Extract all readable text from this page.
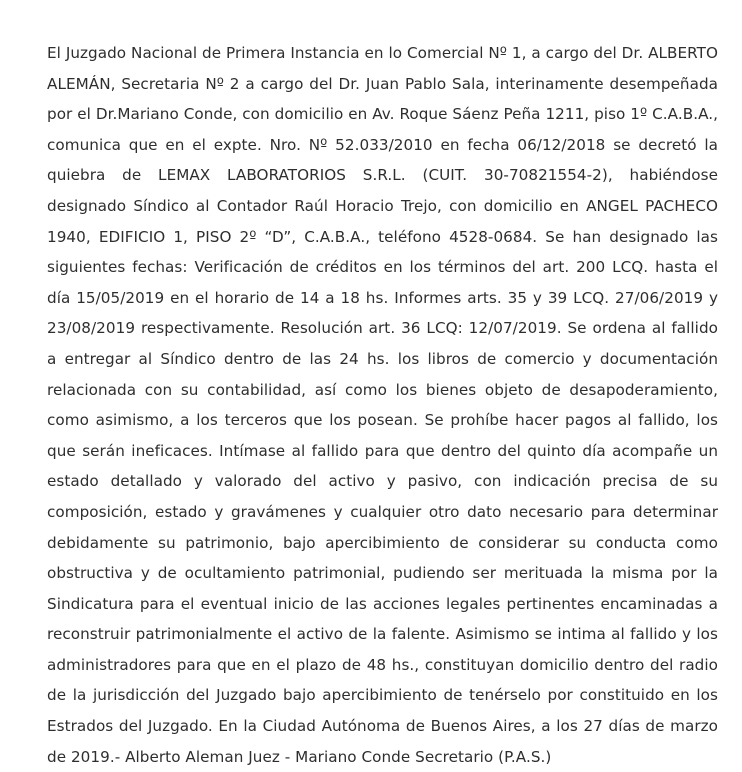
El Juzgado Nacional de Primera Instancia en lo Comercial Nº 1, a cargo del Dr. ALBERTO ALEMÁN, Secretaria Nº 2 a cargo del Dr. Juan Pablo Sala, interinamente desempeñada por el Dr.Mariano Conde, con domicilio en Av. Roque Sáenz Peña 1211, piso 1º C.A.B.A., comunica que en el expte. Nro. Nº 52.033/2010 en fecha 06/12/2018 se decretó la quiebra de LEMAX LABORATORIOS S.R.L. (CUIT. 30-70821554-2), habiéndose designado Síndico al Contador Raúl Horacio Trejo, con domicilio en ANGEL PACHECO 1940, EDIFICIO 1, PISO 2º “D”, C.A.B.A., teléfono 4528-0684. Se han designado las siguientes fechas: Verificación de créditos en los términos del art. 200 LCQ. hasta el día 15/05/2019 en el horario de 14 a 18 hs. Informes arts. 35 y 39 LCQ. 27/06/2019 y 23/08/2019 respectivamente. Resolución art. 36 LCQ: 12/07/2019. Se ordena al fallido a entregar al Síndico dentro de las 24 hs. los libros de comercio y documentación relacionada con su contabilidad, así como los bienes objeto de desapoderamiento, como asimismo, a los terceros que los posean. Se prohíbe hacer pagos al fallido, los que serán ineficaces. Intímase al fallido para que dentro del quinto día acompañe un estado detallado y valorado del activo y pasivo, con indicación precisa de su composición, estado y gravámenes y cualquier otro dato necesario para determinar debidamente su patrimonio, bajo apercibimiento de considerar su conducta como obstructiva y de ocultamiento patrimonial, pudiendo ser merituada la misma por la Sindicatura para el eventual inicio de las acciones legales pertinentes encaminadas a reconstruir patrimonialmente el activo de la falente. Asimismo se intima al fallido y los administradores para que en el plazo de 48 hs., constituyan domicilio dentro del radio de la jurisdicción del Juzgado bajo apercibimiento de tenérselo por constituido en los Estrados del Juzgado. En la Ciudad Autónoma de Buenos Aires, a los 27 días de marzo de 2019.- Alberto Aleman Juez - Mariano Conde Secretario (P.A.S.)
